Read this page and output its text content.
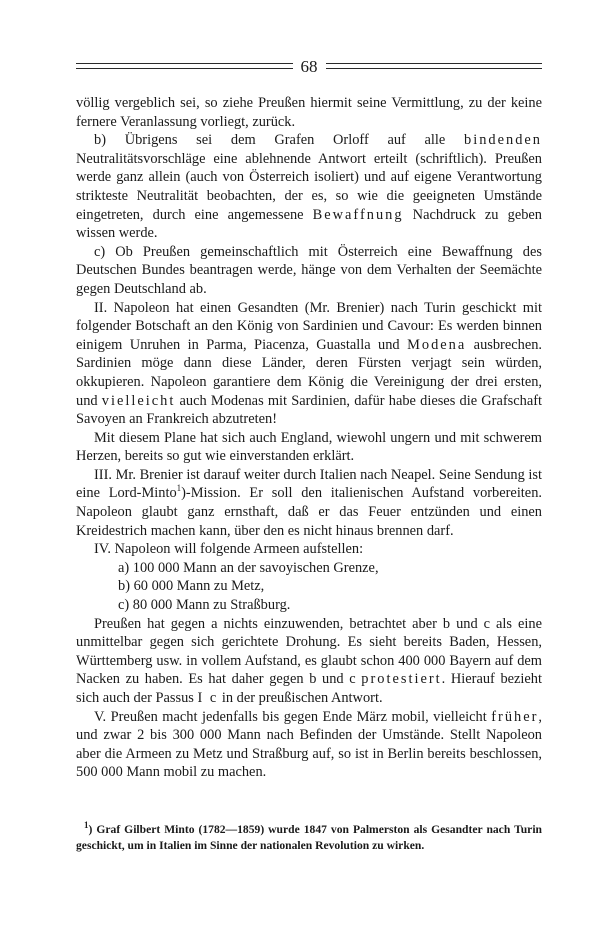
68

völlig vergeblich sei, so ziehe Preußen hiermit seine Vermittlung, zu der keine fernere Veranlassung vorliegt, zurück.

b) Übrigens sei dem Grafen Orloff auf alle bindenden Neutralitätsvorschläge eine ablehnende Antwort erteilt (schriftlich). Preußen werde ganz allein (auch von Österreich isoliert) und auf eigene Verantwortung strikteste Neutralität beobachten, der es, so wie die geeigneten Umstände eingetreten, durch eine angemessene Bewaffnung Nachdruck zu geben wissen werde.

c) Ob Preußen gemeinschaftlich mit Österreich eine Bewaffnung des Deutschen Bundes beantragen werde, hänge von dem Verhalten der Seemächte gegen Deutschland ab.

II. Napoleon hat einen Gesandten (Mr. Brenier) nach Turin geschickt mit folgender Botschaft an den König von Sardinien und Cavour: Es werden binnen einigem Unruhen in Parma, Piacenza, Guastalla und Modena ausbrechen. Sardinien möge dann diese Länder, deren Fürsten verjagt sein würden, okkupieren. Napoleon garantiere dem König die Vereinigung der drei ersten, und vielleicht auch Modenas mit Sardinien, dafür habe dieses die Grafschaft Savoyen an Frankreich abzutreten!

Mit diesem Plane hat sich auch England, wiewohl ungern und mit schwerem Herzen, bereits so gut wie einverstanden erklärt.

III. Mr. Brenier ist darauf weiter durch Italien nach Neapel. Seine Sendung ist eine Lord-Minto$^1$)-Mission. Er soll den italienischen Aufstand vorbereiten. Napoleon glaubt ganz ernsthaft, daß er das Feuer entzünden und einen Kreidestrich machen kann, über den es nicht hinaus brennen darf.

IV. Napoleon will folgende Armeen aufstellen:

a) 100 000 Mann an der savoyischen Grenze,

b) 60 000 Mann zu Metz,

c) 80 000 Mann zu Straßburg.

Preußen hat gegen a nichts einzuwenden, betrachtet aber b und c als eine unmittelbar gegen sich gerichtete Drohung. Es sieht bereits Baden, Hessen, Württemberg usw. in vollem Aufstand, es glaubt schon 400 000 Bayern auf dem Nacken zu haben. Es hat daher gegen b und c protestiert. Hierauf bezieht sich auch der Passus I c in der preußischen Antwort.

V. Preußen macht jedenfalls bis gegen Ende März mobil, vielleicht früher, und zwar 2 bis 300 000 Mann nach Befinden der Umstände. Stellt Napoleon aber die Armeen zu Metz und Straßburg auf, so ist in Berlin bereits beschlossen, 500 000 Mann mobil zu machen.

$^1$) Graf Gilbert Minto (1782—1859) wurde 1847 von Palmerston als Gesandter nach Turin geschickt, um in Italien im Sinne der nationalen Revolution zu wirken.
